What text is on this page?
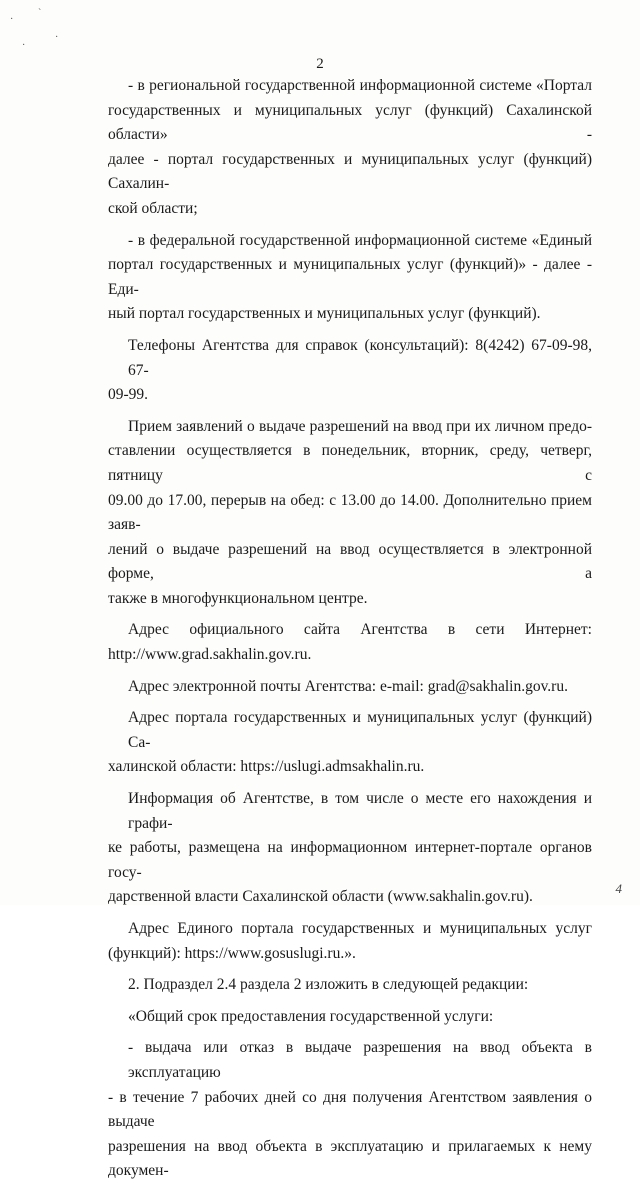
·
`
·
·
2

- в региональной государственной информационной системе «Портал
государственных и муниципальных услуг (функций) Сахалинской области» -
далее - портал государственных и муниципальных услуг (функций) Сахалин-
ской области;

- в федеральной государственной информационной системе «Единый
портал государственных и муниципальных услуг (функций)» - далее - Еди-
ный портал государственных и муниципальных услуг (функций).

Телефоны Агентства для справок (консультаций): 8(4242) 67-09-98, 67-
09-99.

Прием заявлений о выдаче разрешений на ввод при их личном предо-
ставлении осуществляется в понедельник, вторник, среду, четверг, пятницу с
09.00 до 17.00, перерыв на обед: с 13.00 до 14.00. Дополнительно прием заяв-
лений о выдаче разрешений на ввод осуществляется в электронной форме, а
также в многофункциональном центре.

Адрес официального сайта Агентства в сети Интернет:
http://www.grad.sakhalin.gov.ru.

Адрес электронной почты Агентства: e-mail: grad@sakhalin.gov.ru.

Адрес портала государственных и муниципальных услуг (функций) Са-
халинской области: https://uslugi.admsakhalin.ru.

Информация об Агентстве, в том числе о месте его нахождения и графи-
ке работы, размещена на информационном интернет-портале органов госу-
дарственной власти Сахалинской области (www.sakhalin.gov.ru).

Адрес Единого портала государственных и муниципальных услуг
(функций): https://www.gosuslugi.ru.».

2. Подраздел 2.4 раздела 2 изложить в следующей редакции:

«Общий срок предоставления государственной услуги:

- выдача или отказ в выдаче разрешения на ввод объекта в эксплуатацию
- в течение 7 рабочих дней со дня получения Агентством заявления о выдаче
разрешения на ввод объекта в эксплуатацию и прилагаемых к нему докумен-

4
